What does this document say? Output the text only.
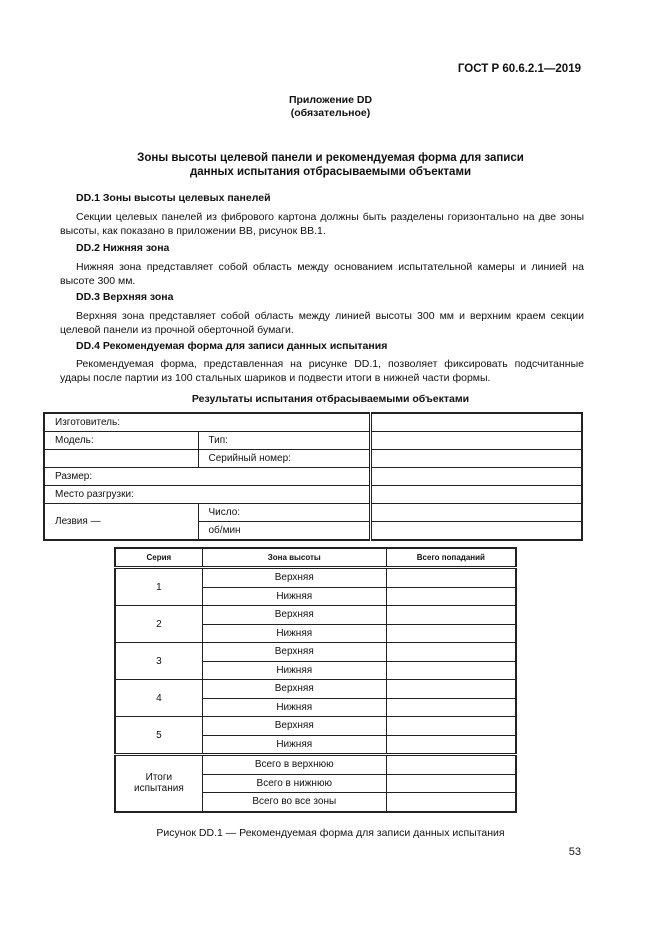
ГОСТ Р 60.6.2.1—2019
Приложение DD
(обязательное)
Зоны высоты целевой панели и рекомендуемая форма для записи
данных испытания отбрасываемыми объектами
DD.1 Зоны высоты целевых панелей

Секции целевых панелей из фибрового картона должны быть разделены горизонтально на две зоны высоты, как показано в приложении ВВ, рисунок ВВ.1.

DD.2 Нижняя зона

Нижняя зона представляет собой область между основанием испытательной камеры и линией на высоте 300 мм.

DD.3 Верхняя зона

Верхняя зона представляет собой область между линией высоты 300 мм и верхним краем секции целевой панели из прочной оберточной бумаги.

DD.4 Рекомендуемая форма для записи данных испытания

Рекомендуемая форма, представленная на рисунке DD.1, позволяет фиксировать подсчитанные удары после партии из 100 стальных шариков и подвести итоги в нижней части формы.

Результаты испытания отбрасываемыми объектами
Изготовитель:		
Модель:	Тип:	
	Серийный номер:	
Размер:		
Место разгрузки:		
Лезвия —	Число:	
	об/мин	
Серия	Зона высоты	Всего попаданий
1	Верхняя	
	Нижняя	
2	Верхняя	
	Нижняя	
3	Верхняя	
	Нижняя	
4	Верхняя	
	Нижняя	
5	Верхняя	
	Нижняя	
Итоги испытания	Всего в верхнюю	
	Всего в нижнюю	
	Всего во все зоны	
Рисунок DD.1 — Рекомендуемая форма для записи данных испытания
53
